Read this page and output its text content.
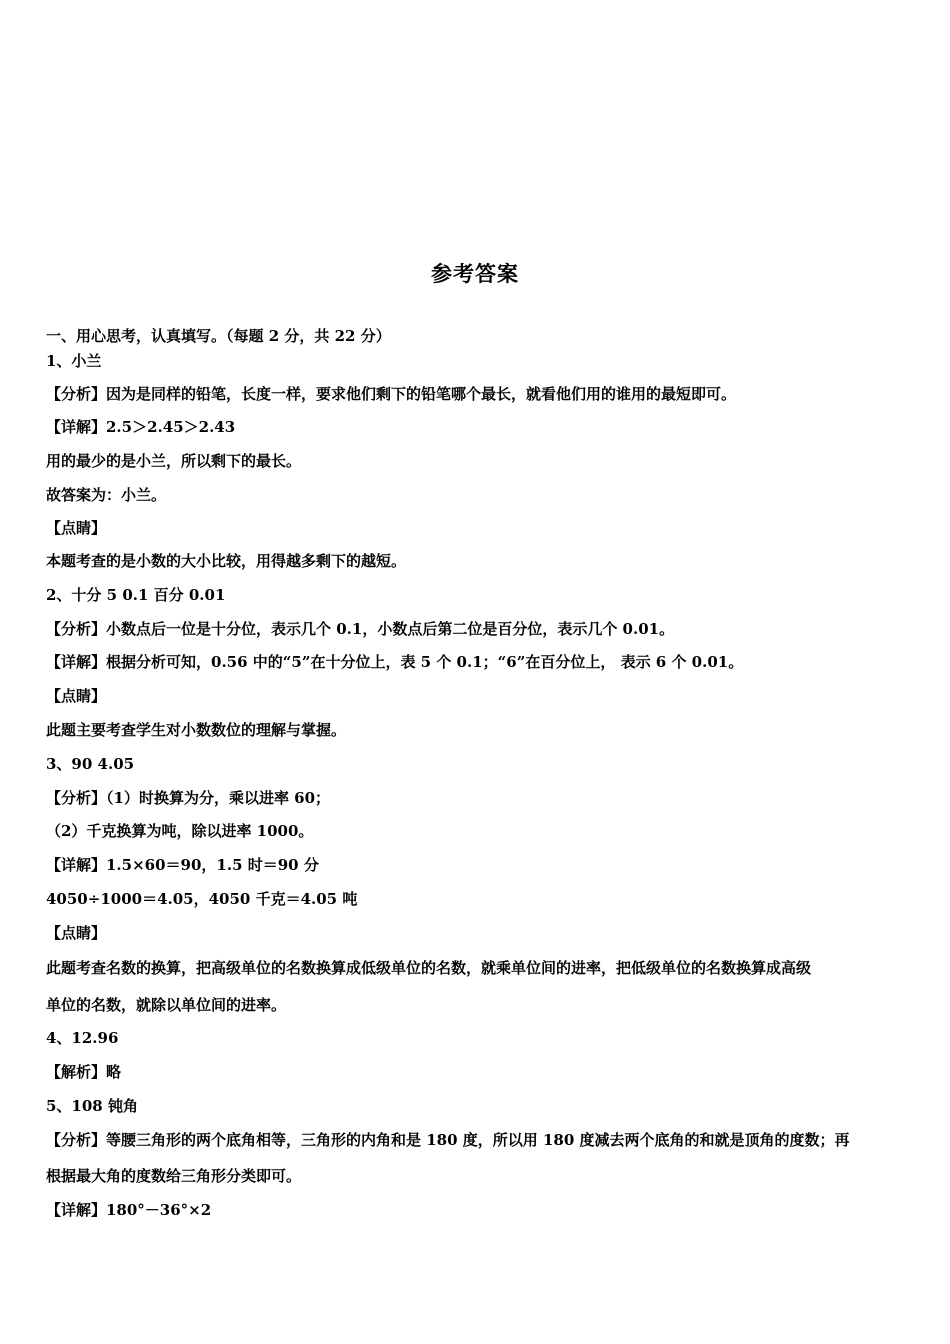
参考答案
一、用心思考，认真填写。（每题 2 分，共 22 分）
1、小兰
【分析】因为是同样的铅笔，长度一样，要求他们剩下的铅笔哪个最长，就看他们用的谁用的最短即可。
【详解】2.5＞2.45＞2.43
用的最少的是小兰，所以剩下的最长。
故答案为：小兰。
【点睛】
本题考查的是小数的大小比较，用得越多剩下的越短。
2、十分 5 0.1 百分 0.01
【分析】小数点后一位是十分位，表示几个 0.1，小数点后第二位是百分位，表示几个 0.01。
【详解】根据分析可知，0.56 中的“5”在十分位上，表 5 个 0.1；“6”在百分位上， 表示 6 个 0.01。
【点睛】
此题主要考查学生对小数数位的理解与掌握。
3、90 4.05
【分析】（1）时换算为分，乘以进率 60；
（2）千克换算为吨，除以进率 1000。
【详解】1.5×60＝90，1.5 时＝90 分
4050÷1000＝4.05，4050 千克＝4.05 吨
【点睛】
此题考查名数的换算，把高级单位的名数换算成低级单位的名数，就乘单位间的进率，把低级单位的名数换算成高级
单位的名数，就除以单位间的进率。
4、12.96
【解析】略
5、108 钝角
【分析】等腰三角形的两个底角相等，三角形的内角和是 180 度，所以用 180 度减去两个底角的和就是顶角的度数；再
根据最大角的度数给三角形分类即可。
【详解】180°－36°×2
